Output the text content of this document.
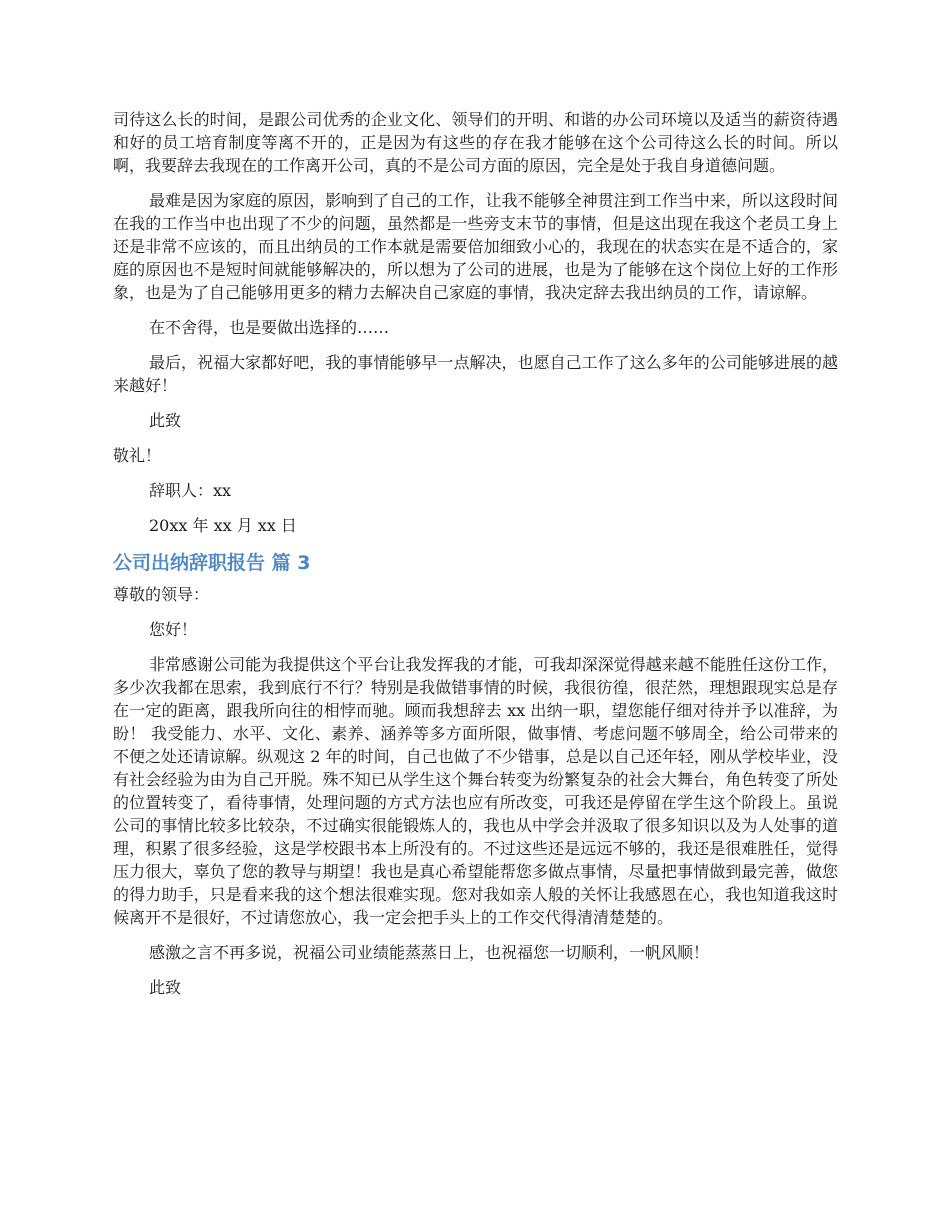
司待这么长的时间，是跟公司优秀的企业文化、领导们的开明、和谐的办公司环境以及适当的薪资待遇和好的员工培育制度等离不开的，正是因为有这些的存在我才能够在这个公司待这么长的时间。所以啊，我要辞去我现在的工作离开公司，真的不是公司方面的原因，完全是处于我自身道德问题。

最难是因为家庭的原因，影响到了自己的工作，让我不能够全神贯注到工作当中来，所以这段时间在我的工作当中也出现了不少的问题，虽然都是一些旁支末节的事情，但是这出现在我这个老员工身上还是非常不应该的，而且出纳员的工作本就是需要倍加细致小心的，我现在的状态实在是不适合的，家庭的原因也不是短时间就能够解决的，所以想为了公司的进展，也是为了能够在这个岗位上好的工作形象，也是为了自己能够用更多的精力去解决自己家庭的事情，我决定辞去我出纳员的工作，请谅解。

在不舍得，也是要做出选择的……

最后，祝福大家都好吧，我的事情能够早一点解决，也愿自己工作了这么多年的公司能够进展的越来越好！

此致

敬礼！

辞职人：xx

20xx 年 xx 月 xx 日

公司出纳辞职报告 篇 3

尊敬的领导：

您好！

非常感谢公司能为我提供这个平台让我发挥我的才能，可我却深深觉得越来越不能胜任这份工作，多少次我都在思索，我到底行不行？特别是我做错事情的时候，我很彷徨，很茫然，理想跟现实总是存在一定的距离，跟我所向往的相悖而驰。顾而我想辞去 xx 出纳一职，望您能仔细对待并予以准辞，为盼！ 我受能力、水平、文化、素养、涵养等多方面所限，做事情、考虑问题不够周全，给公司带来的不便之处还请谅解。纵观这 2 年的时间，自己也做了不少错事，总是以自己还年轻，刚从学校毕业，没有社会经验为由为自己开脱。殊不知已从学生这个舞台转变为纷繁复杂的社会大舞台，角色转变了所处的位置转变了，看待事情，处理问题的方式方法也应有所改变，可我还是停留在学生这个阶段上。虽说公司的事情比较多比较杂，不过确实很能锻炼人的，我也从中学会并汲取了很多知识以及为人处事的道理，积累了很多经验，这是学校跟书本上所没有的。不过这些还是远远不够的，我还是很难胜任，觉得压力很大，辜负了您的教导与期望！我也是真心希望能帮您多做点事情，尽量把事情做到最完善，做您的得力助手，只是看来我的这个想法很难实现。您对我如亲人般的关怀让我感恩在心，我也知道我这时候离开不是很好，不过请您放心，我一定会把手头上的工作交代得清清楚楚的。

感激之言不再多说，祝福公司业绩能蒸蒸日上，也祝福您一切顺利，一帆风顺！

此致
